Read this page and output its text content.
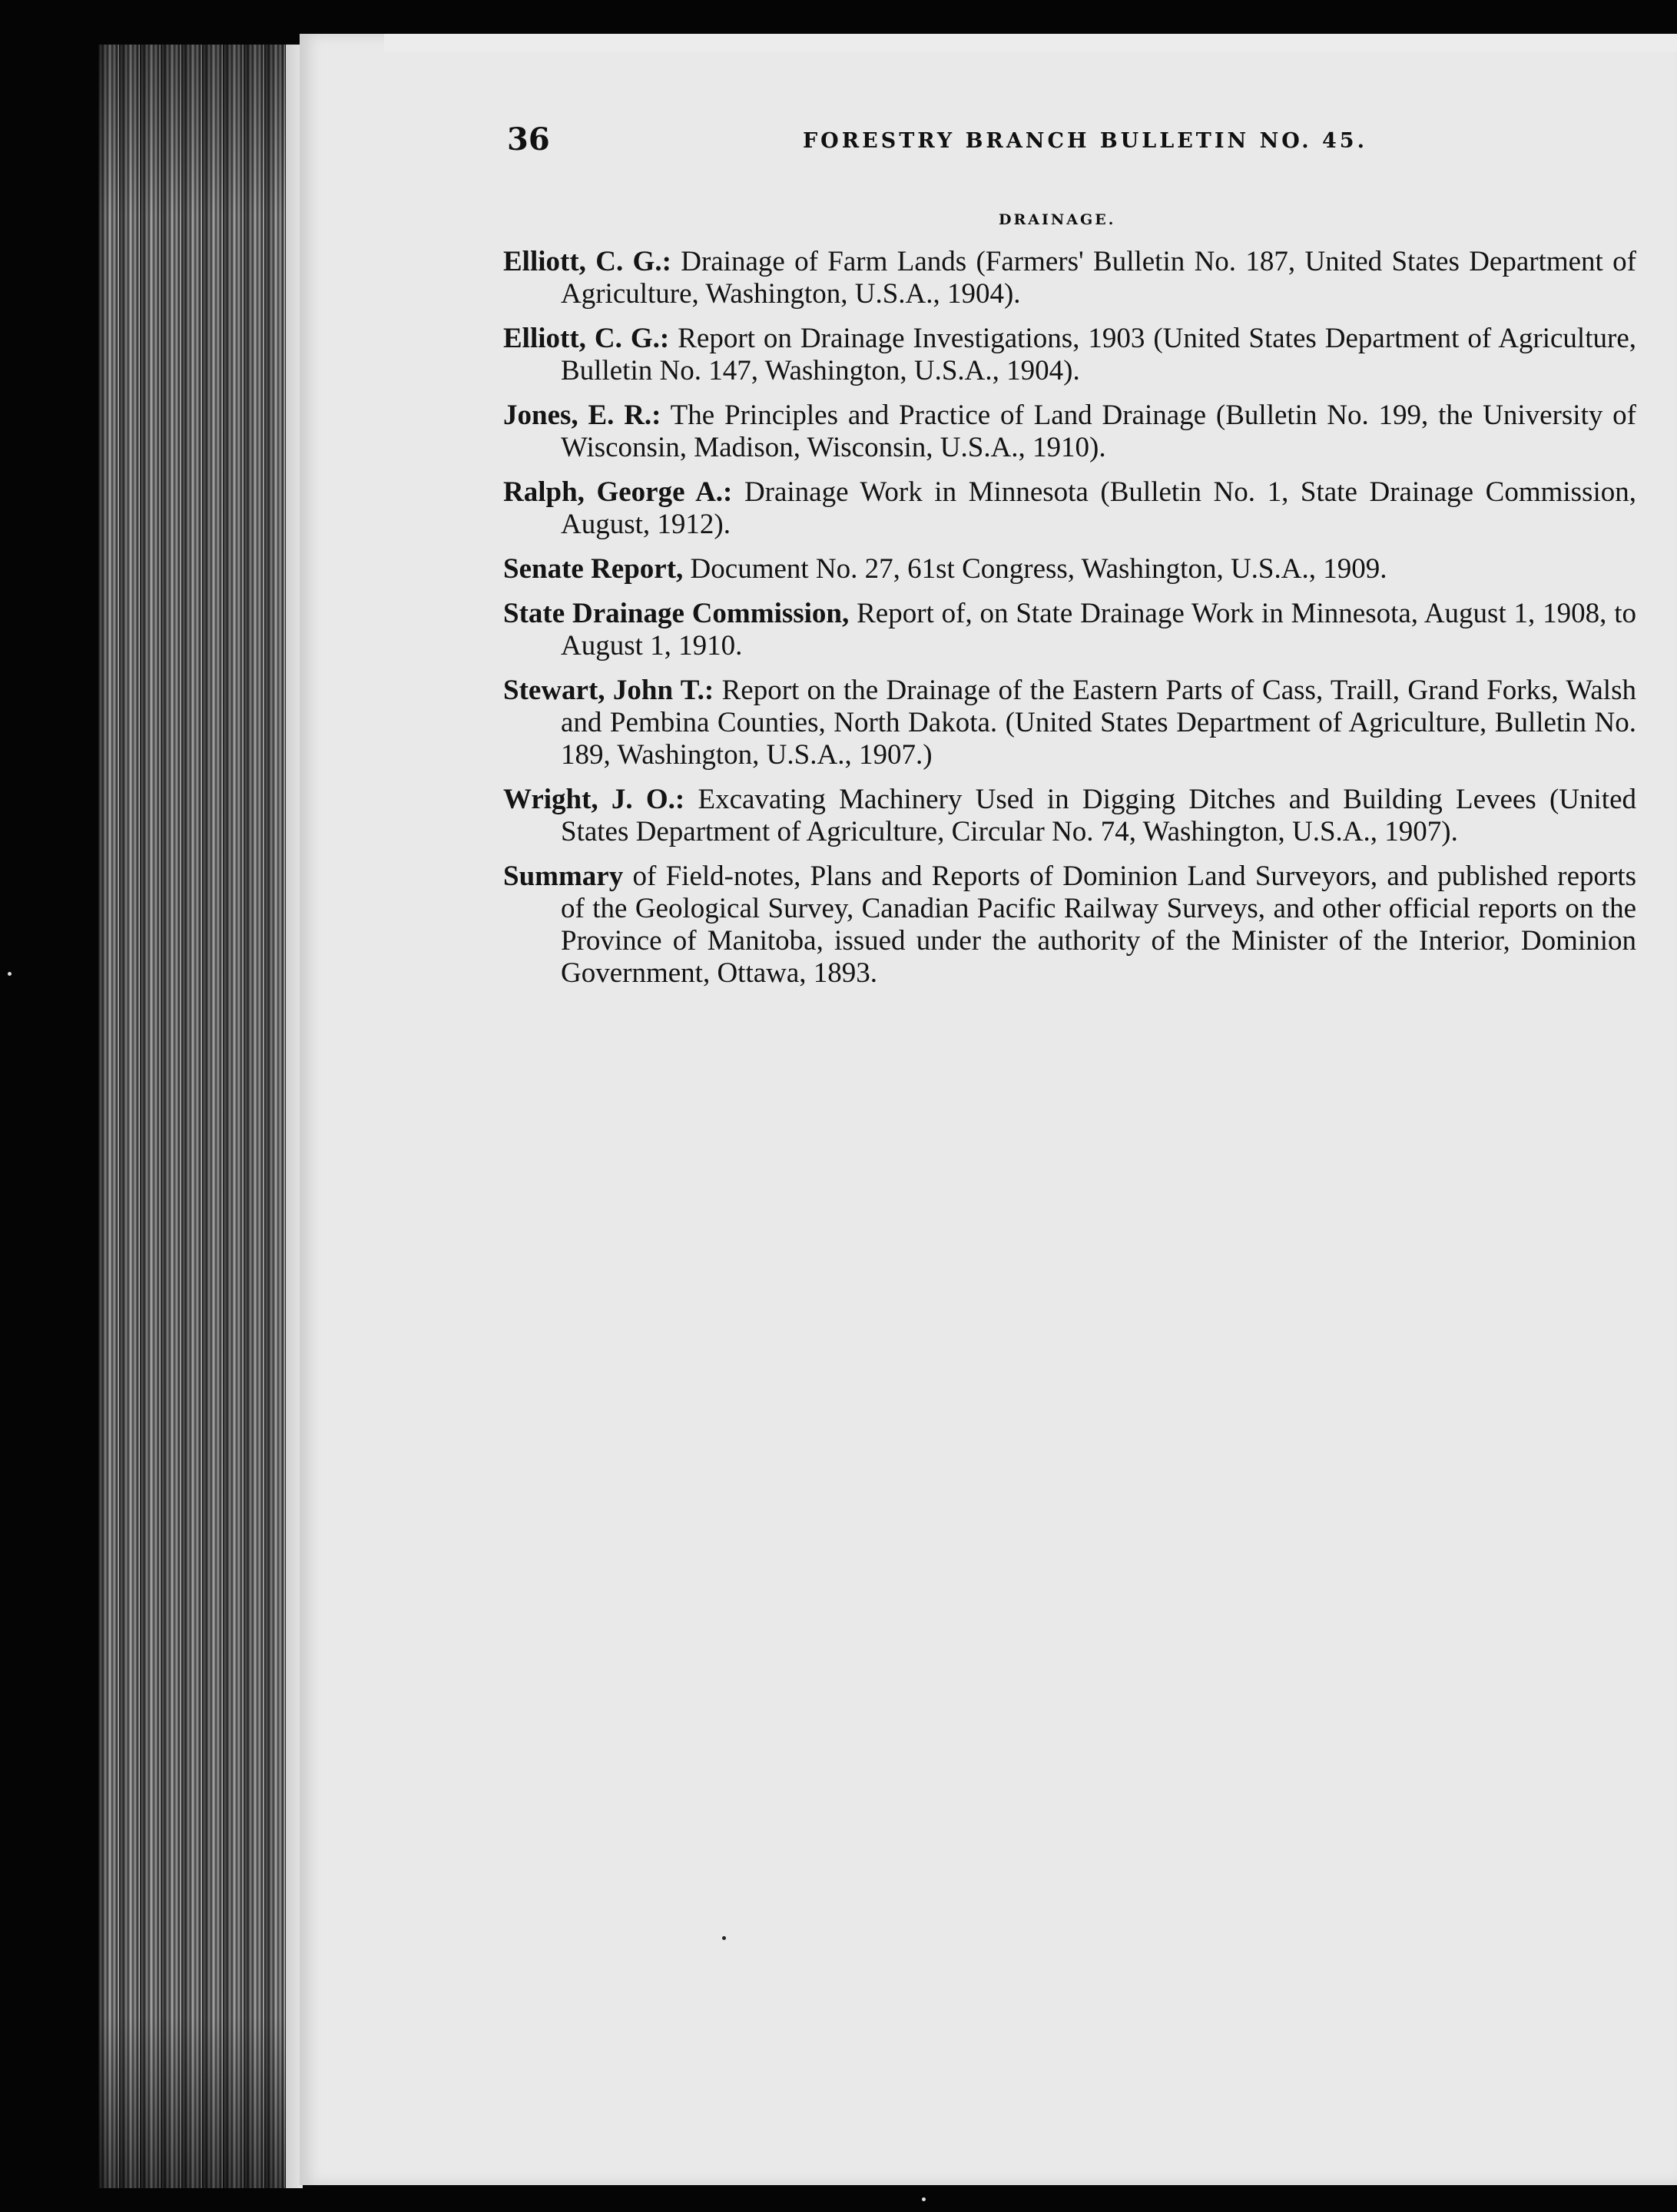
36	FORESTRY BRANCH BULLETIN NO. 45.
DRAINAGE.

Elliott, C. G.: Drainage of Farm Lands (Farmers' Bulletin No. 187, United States Department of Agriculture, Washington, U.S.A., 1904).

Elliott, C. G.: Report on Drainage Investigations, 1903 (United States Department of Agriculture, Bulletin No. 147, Washington, U.S.A., 1904).

Jones, E. R.: The Principles and Practice of Land Drainage (Bulletin No. 199, the University of Wisconsin, Madison, Wisconsin, U.S.A., 1910).

Ralph, George A.: Drainage Work in Minnesota (Bulletin No. 1, State Drainage Commission, August, 1912).

Senate Report, Document No. 27, 61st Congress, Washington, U.S.A., 1909.

State Drainage Commission, Report of, on State Drainage Work in Minnesota, August 1, 1908, to August 1, 1910.

Stewart, John T.: Report on the Drainage of the Eastern Parts of Cass, Traill, Grand Forks, Walsh and Pembina Counties, North Dakota. (United States Department of Agriculture, Bulletin No. 189, Washington, U.S.A., 1907.)

Wright, J. O.: Excavating Machinery Used in Digging Ditches and Building Levees (United States Department of Agriculture, Circular No. 74, Washington, U.S.A., 1907).

Summary of Field-notes, Plans and Reports of Dominion Land Surveyors, and published reports of the Geological Survey, Canadian Pacific Railway Surveys, and other official reports on the Province of Manitoba, issued under the authority of the Minister of the Interior, Dominion Government, Ottawa, 1893.
